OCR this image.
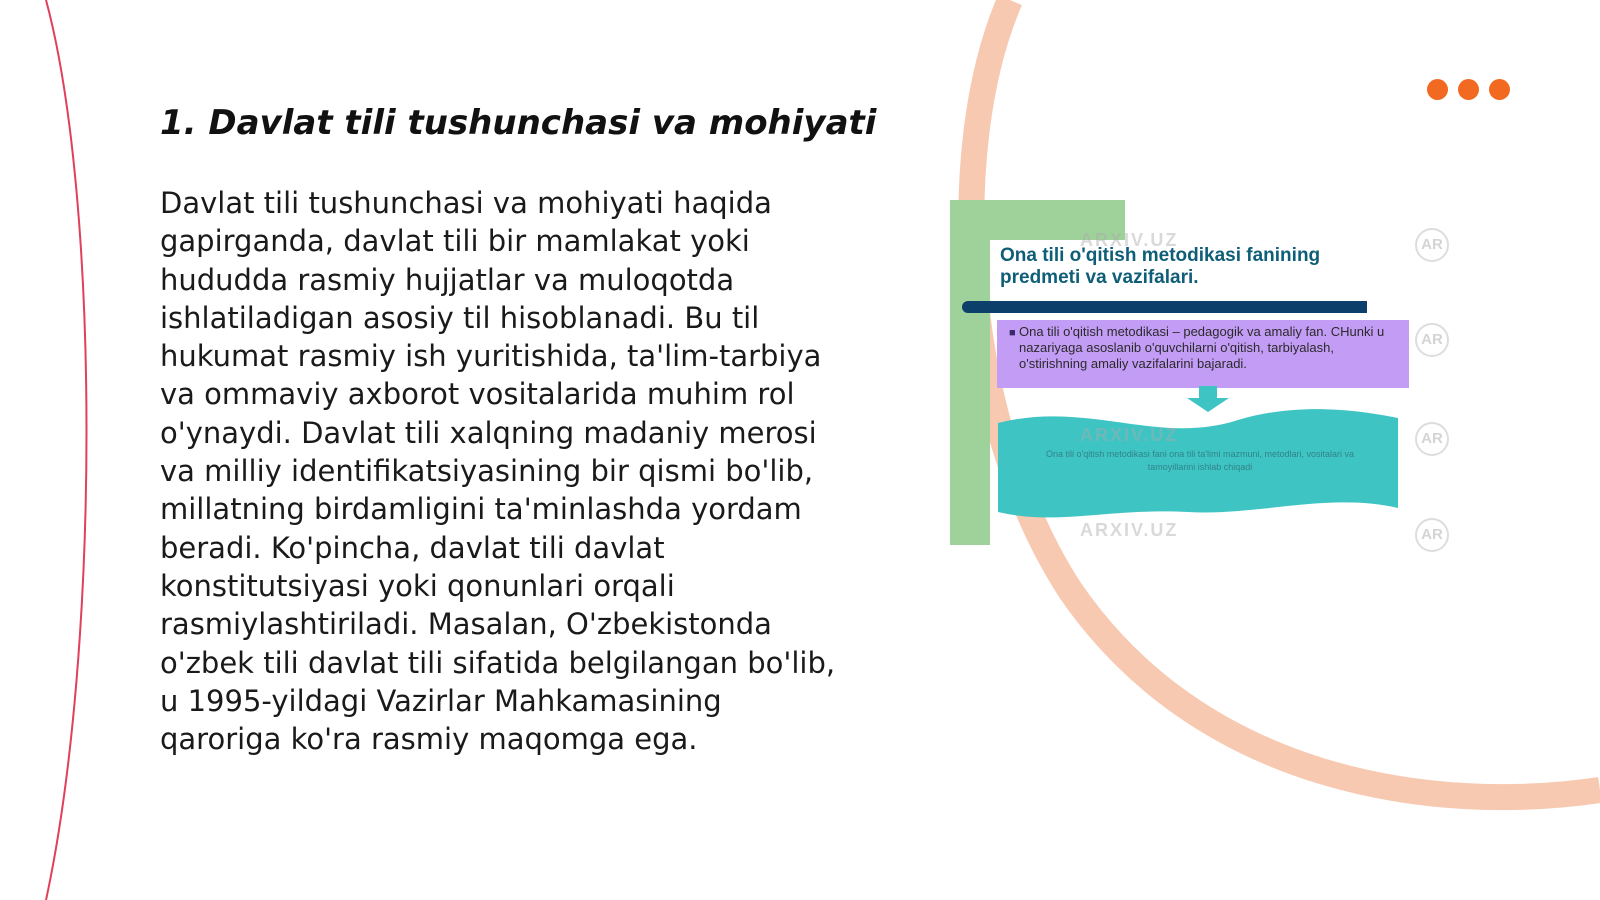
1. Davlat tili tushunchasi va mohiyati

Davlat tili tushunchasi va mohiyati haqida gapirganda, davlat tili bir mamlakat yoki hududda rasmiy hujjatlar va muloqotda ishlatiladigan asosiy til hisoblanadi. Bu til hukumat rasmiy ish yuritishida, ta'lim-tarbiya va ommaviy axborot vositalarida muhim rol o'ynaydi. Davlat tili xalqning madaniy merosi va milliy identifikatsiyasining bir qismi bo'lib, millatning birdamligini ta'minlashda yordam beradi. Ko'pincha, davlat tili davlat konstitutsiyasi yoki qonunlari orqali rasmiylashtiriladi. Masalan, O'zbekistonda o'zbek tili davlat tili sifatida belgilangan bo'lib, u 1995-yildagi Vazirlar Mahkamasining qaroriga ko'ra rasmiy maqomga ega.

Ona tili o'qitish metodikasi fanining predmeti va vazifalari.
■ Ona tili o'qitish metodikasi – pedagogik va amaliy fan. CHunki u nazariyaga asoslanib o'quvchilarni o'qitish, tarbiyalash, o'stirishning amaliy vazifalarini bajaradi.
Ona tili o'qitish metodikasi fani ona tili ta'limi mazmuni, metodlari, vositalari va tamoyillarini ishlab chiqadi
ARXIV.UZ
ARXIV.UZ
ARXIV.UZ
AR
AR
AR
AR
